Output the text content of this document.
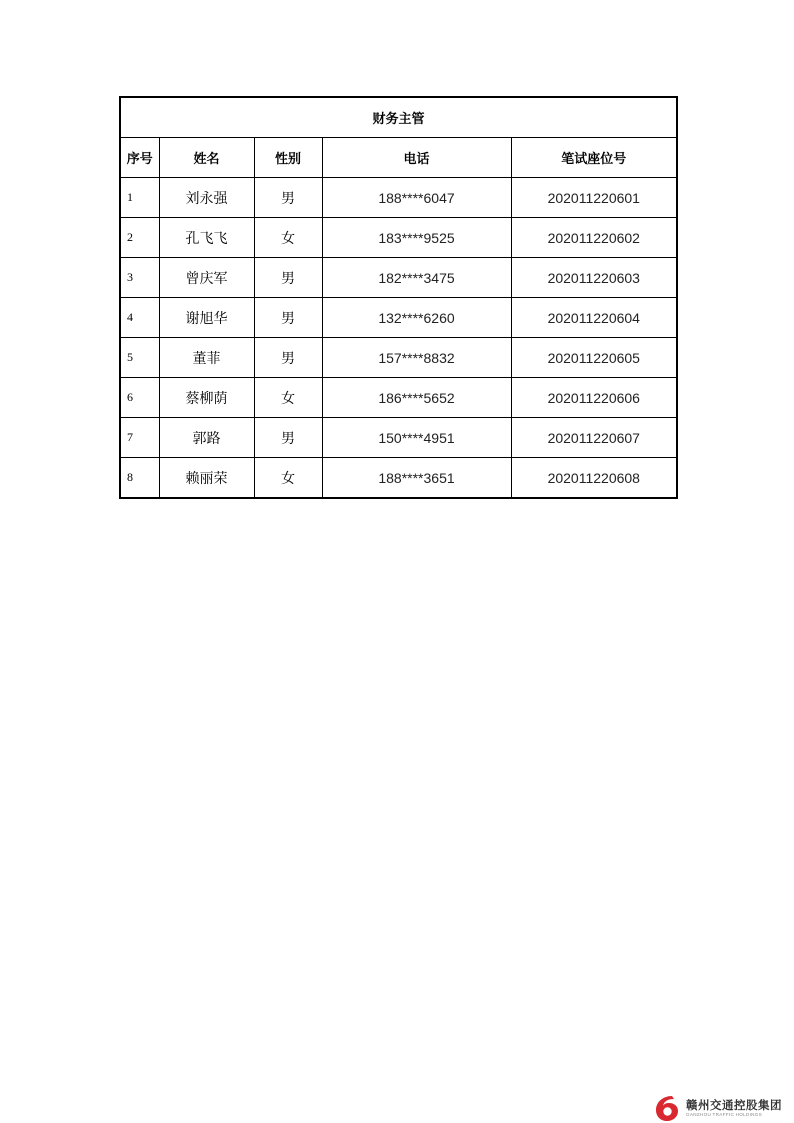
财务主管				
序号	姓名	性别	电话	笔试座位号
1	刘永强	男	188****6047	202011220601
2	孔飞飞	女	183****9525	202011220602
3	曾庆军	男	182****3475	202011220603
4	谢旭华	男	132****6260	202011220604
5	董菲	男	157****8832	202011220605
6	蔡柳荫	女	186****5652	202011220606
7	郭路	男	150****4951	202011220607
8	赖丽荣	女	188****3651	202011220608
赣州交通控股集团
GANZHOU TRAFFIC HOLDINGS
